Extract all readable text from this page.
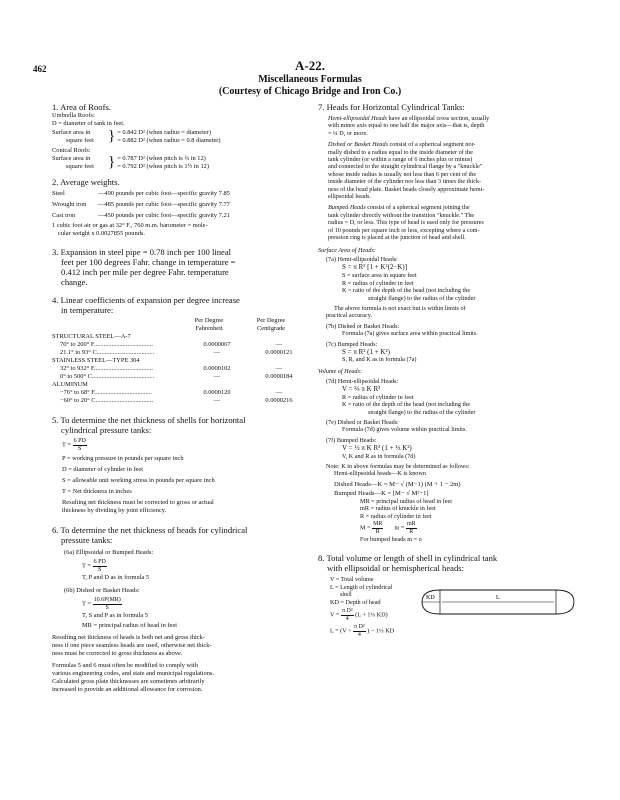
462	A-22.
Miscellaneous Formulas
(Courtesy of Chicago Bridge and Iron Co.)
1. Area of Roofs.
Umbrella Roofs:
D = diameter of tank in feet.
Surface area in
square feet } = 0.842 D² (when radius = diameter)
= 0.882 D² (when radius = 0.8 diameter)
Conical Roofs:
Surface area in
square feet } = 0.787 D² (when pitch is ¾ in 12)
= 0.792 D² (when pitch is 1½ in 12)
2. Average weights.
Steel	—490 pounds per cubic foot—specific gravity 7.85
Wrought iron	—485 pounds per cubic foot—specific gravity 7.77
Cast iron	—450 pounds per cubic foot—specific gravity 7.21
1 cubic foot air or gas at 32° F., 760 m.m. barometer = mole-
cular weight x 0.0027855 pounds.
3. Expansion in steel pipe = 0.78 inch per 100 lineal
feet per 100 degrees Fahr. change in temperature =
0.412 inch per mile per degree Fahr. temperature
change.
4. Linear coefficients of expansion per degree increase
in temperature:
Per Degree
Fahrenheit
Per Degree
Centigrade
STRUCTURAL STEEL—A-7
70° to 200° F.....................................	0.0000067	—
21.1° to 93° C....................................	—	0.0000121
STAINLESS STEEL—TYPE 304
32° to 932° F.....................................	0.0000102	—
0° to 500° C.......................................	—	0.0000184
ALUMINUM
−76° to 68° F....................................	0.0000120	—
−60° to 20° C....................................	—	0.0000216
5. To determine the net thickness of shells for horizontal
cylindrical pressure tanks:
$T = \frac{6 PD}{S}$
P = working pressure in pounds per square inch
D = diameter of cylinder in feet
S = allowable unit working stress in pounds per square inch
T = Net thickness in inches
Resulting net thickness must be corrected to gross or actual
thickness by dividing by joint efficiency.
6. To determine the net thickness of heads for cylindrical
pressure tanks:
(6a) Ellipsoidal or Bumped Heads:
$T = \frac{6 PD}{S}$
T, P and D as in formula 5
(6b) Dished or Basket Heads:
$T = \frac{10.6P(MR)}{S}$
T, S and P as in formula 5
MR = principal radius of head in feet
Resulting net thickness of heads is both net and gross thick-
ness if one piece seamless heads are used, otherwise net thick-
ness must be corrected to gross thickness as above.
Formulas 5 and 6 must often be modified to comply with
various engineering codes, and state and municipal regulations.
Calculated gross plate thicknesses are sometimes arbitrarily
increased to provide an additional allowance for corrosion.
7. Heads for Horizontal Cylindrical Tanks:
Hemi-ellipsoidal Heads have an ellipsoidal cross section, usually
with minor axis equal to one half the major axis—that is, depth
= ¼ D, or more.
Dished or Basket Heads consist of a spherical segment nor-
mally dished to a radius equal to the inside diameter of the
tank cylinder (or within a range of 6 inches plus or minus)
and connected to the straight cylindrical flange by a "knuckle"
whose inside radius is usually not less than 6 per cent of the
inside diameter of the cylinder nor less than 3 times the thick-
ness of the head plate. Basket heads closely approximate hemi-
ellipsoidal heads.
Bumped Heads consist of a spherical segment joining the
tank cylinder directly without the transition "knuckle." The
radius = D, or less. This type of head is used only for pressures
of 10 pounds per square inch or less, excepting where a com-
pression ring is placed at the junction of head and shell.
Surface Area of Heads:
(7a) Hemi-ellipsoidal Heads:
S = π R² [1 + K²(2−K)]
S = surface area in square feet
R = radius of cylinder in feet
K = ratio of the depth of the head (not including the
straight flange) to the radius of the cylinder
The above formula is not exact but is within limits of
practical accuracy.
(7b) Dished or Basket Heads:
Formula (7a) gives surface area within practical limits.
(7c) Bumped Heads:
S = π R² (1 + K²)
S, R, and K as in formula (7a)
Volume of Heads:
(7d) Hemi-ellipsoidal Heads:
V = ⅔ π K R³
R = radius of cylinder in feet
K = ratio of the depth of the head (not including the
straight flange) to the radius of the cylinder
(7e) Dished or Basket Heads:
Formula (7d) gives volume within practical limits.
(7f) Bumped Heads:
V = ½ π K R³ (1 + ⅓ K²)
V, K and R as in formula (7d)
Note: K in above formulas may be determined as follows:
Hemi-ellipsoidal heads—K is known
Dished Heads—K = M− √ (M−1) (M + 1 − 2m)
Bumped Heads—K = [M− √ M²−1]
MR = principal radius of head in feet
mR = radius of knuckle in feet
R = radius of cylinder in feet
$M = \frac{MR}{R}$ $m = \frac{mR}{R}$
For bumped heads m = o
8. Total volume or length of shell in cylindrical tank
with ellipsoidal or hemispherical heads:
V = Total volume
L = Length of cylindrical
shell
KD = Depth of head
$V = \frac{\text{π D²}}{4} (L$ + 1⅓ KD)
$L = (V \div \frac{\text{π D²}}{4}$ ) − 1⅓ KD
KD	L
